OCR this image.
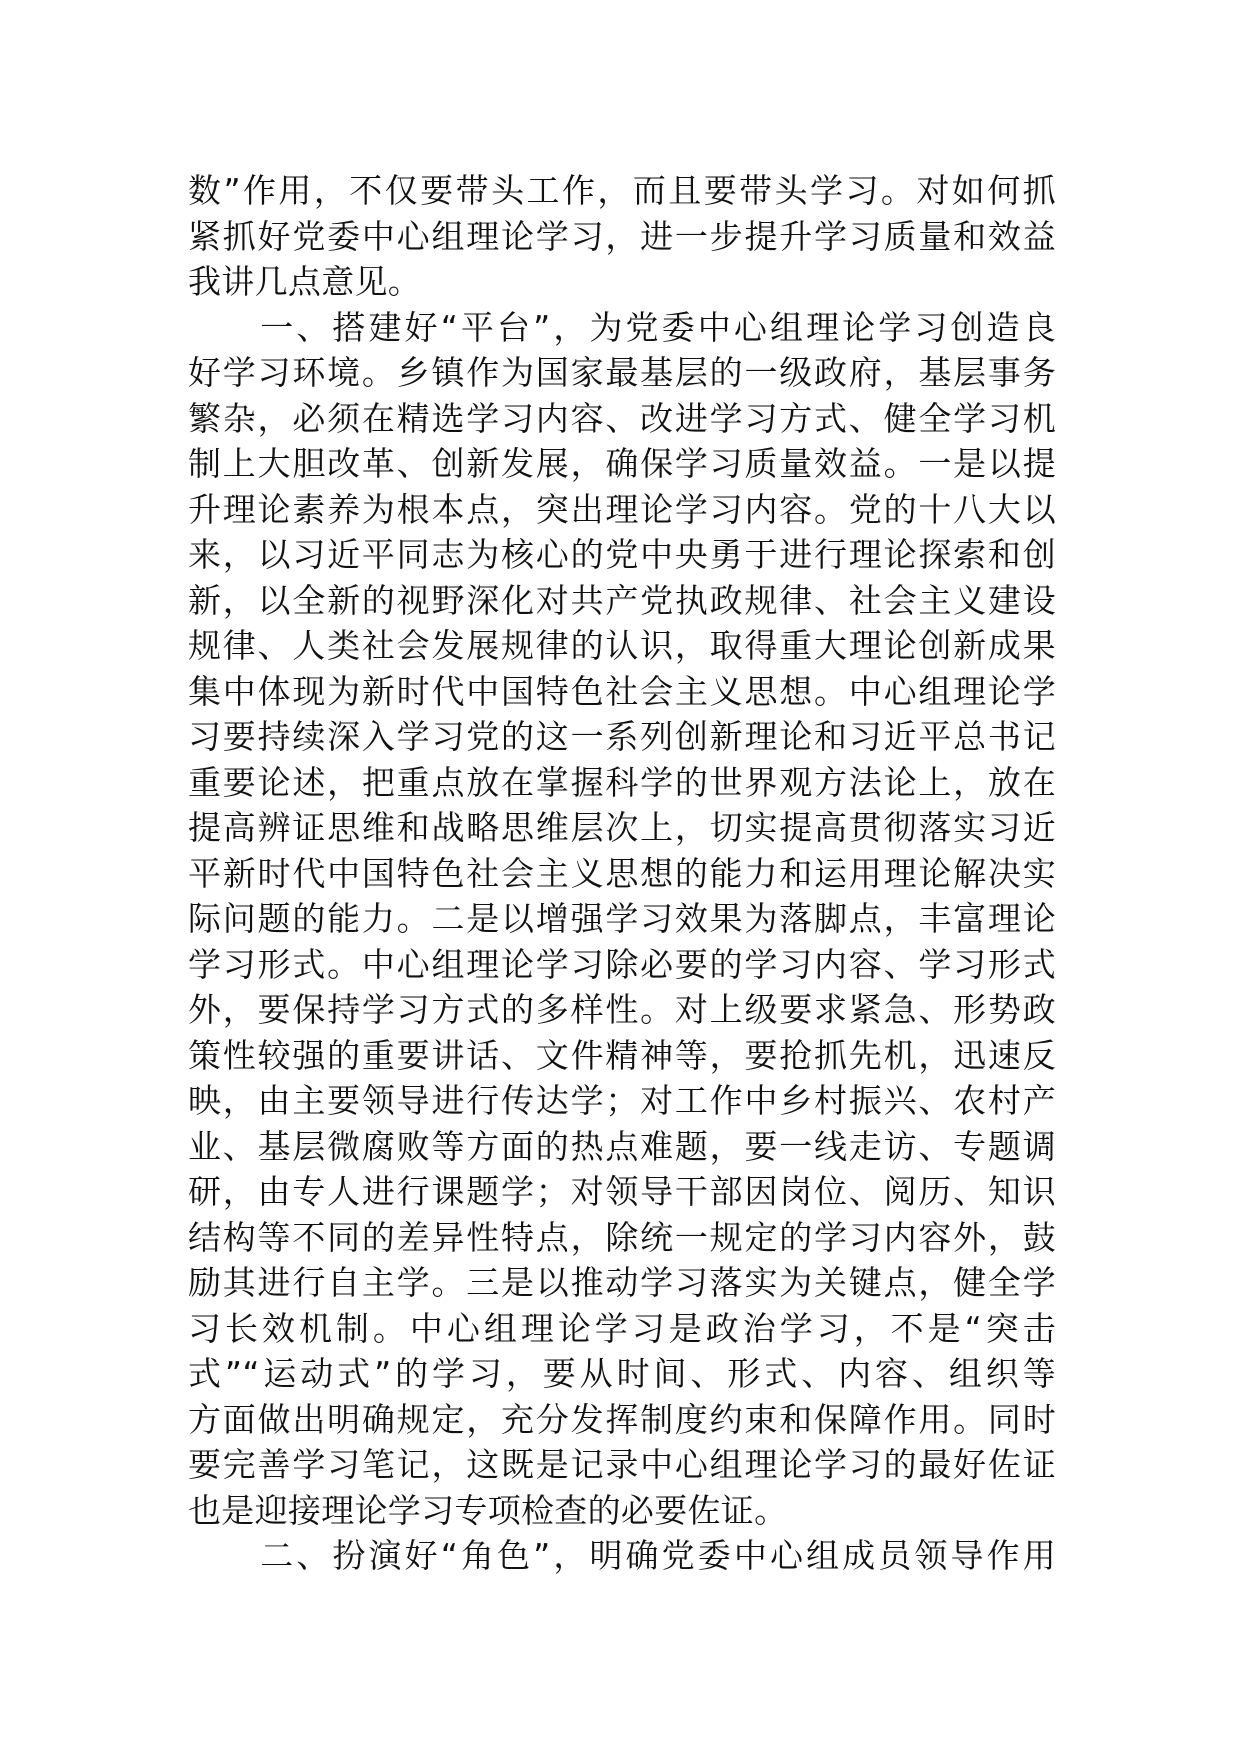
数”作用，不仅要带头工作，而且要带头学习。对如何抓
紧抓好党委中心组理论学习，进一步提升学习质量和效益
我讲几点意见。
　　一、搭建好“平台”，为党委中心组理论学习创造良
好学习环境。乡镇作为国家最基层的一级政府，基层事务
繁杂，必须在精选学习内容、改进学习方式、健全学习机
制上大胆改革、创新发展，确保学习质量效益。一是以提
升理论素养为根本点，突出理论学习内容。党的十八大以
来，以习近平同志为核心的党中央勇于进行理论探索和创
新，以全新的视野深化对共产党执政规律、社会主义建设
规律、人类社会发展规律的认识，取得重大理论创新成果
集中体现为新时代中国特色社会主义思想。中心组理论学
习要持续深入学习党的这一系列创新理论和习近平总书记
重要论述，把重点放在掌握科学的世界观方法论上，放在
提高辨证思维和战略思维层次上，切实提高贯彻落实习近
平新时代中国特色社会主义思想的能力和运用理论解决实
际问题的能力。二是以增强学习效果为落脚点，丰富理论
学习形式。中心组理论学习除必要的学习内容、学习形式
外，要保持学习方式的多样性。对上级要求紧急、形势政
策性较强的重要讲话、文件精神等，要抢抓先机，迅速反
映，由主要领导进行传达学；对工作中乡村振兴、农村产
业、基层微腐败等方面的热点难题，要一线走访、专题调
研，由专人进行课题学；对领导干部因岗位、阅历、知识
结构等不同的差异性特点，除统一规定的学习内容外，鼓
励其进行自主学。三是以推动学习落实为关键点，健全学
习长效机制。中心组理论学习是政治学习，不是“突击
式”“运动式”的学习，要从时间、形式、内容、组织等
方面做出明确规定，充分发挥制度约束和保障作用。同时
要完善学习笔记，这既是记录中心组理论学习的最好佐证
也是迎接理论学习专项检查的必要佐证。
　　二、扮演好“角色”，明确党委中心组成员领导作用
